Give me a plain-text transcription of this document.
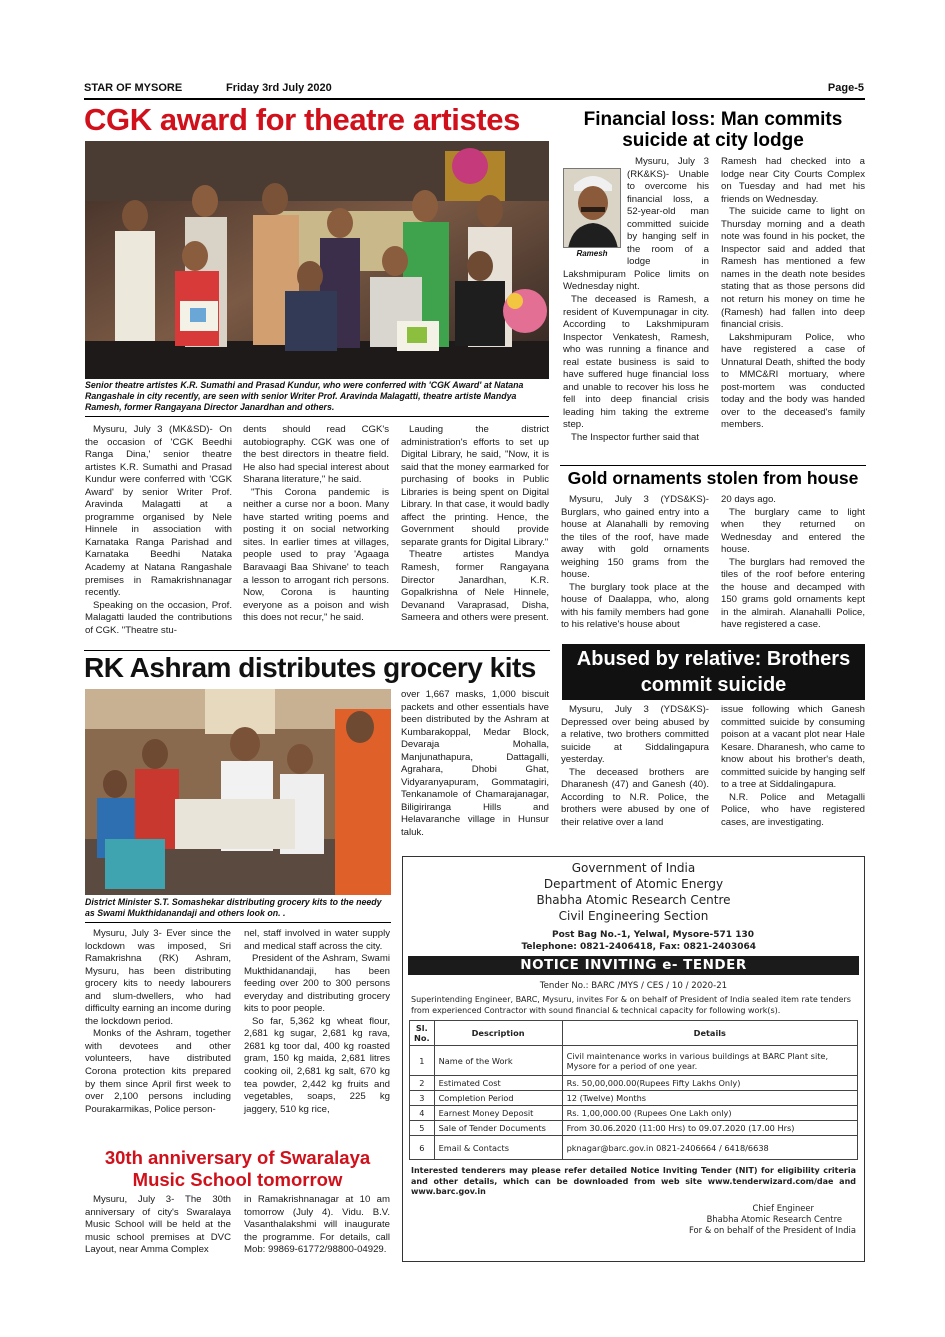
STAR OF MYSORE	Friday 3rd July 2020	Page-5
CGK award for theatre artistes
Senior theatre artistes K.R. Sumathi and Prasad Kundur, who were conferred with 'CGK Award' at Natana Rangashale in city recently, are seen with senior Writer Prof. Aravinda Malagatti, theatre artiste Mandya Ramesh, former Rangayana Director Janardhan and others.

Mysuru, July 3 (MK&SD)- On the occasion of 'CGK Beedhi Ranga Dina,' senior theatre artistes K.R. Sumathi and Prasad Kundur were conferred with 'CGK Award' by senior Writer Prof. Aravinda Malagatti at a programme organised by Nele Hinnele in association with Karnataka Ranga Parishad and Karnataka Beedhi Nataka Academy at Natana Rangashale premises in Ramakrishnanagar recently.

Speaking on the occasion, Prof. Malagatti lauded the contributions of CGK. "Theatre stu-

dents should read CGK's autobiography. CGK was one of the best directors in theatre field. He also had special interest about Sharana literature," he said.

"This Corona pandemic is neither a curse nor a boon. Many have started writing poems and posting it on social networking sites. In earlier times at villages, people used to pray 'Agaaga Baravaagi Baa Shivane' to teach a lesson to arrogant rich persons. Now, Corona is haunting everyone as a poison and wish this does not recur," he said.

Lauding the district administration's efforts to set up Digital Library, he said, "Now, it is said that the money earmarked for purchasing of books in Public Libraries is being spent on Digital Library. In that case, it would badly affect the printing. Hence, the Government should provide separate grants for Digital Library."

Theatre artistes Mandya Ramesh, former Rangayana Director Janardhan, K.R. Gopalkrishna of Nele Hinnele, Devanand Varaprasad, Disha, Sameera and others were present.

Financial loss: Man commits suicide at city lodge
Ramesh

Mysuru, July 3 (RK&KS)- Unable to overcome his financial loss, a 52-year-old man committed suicide by hanging self in the room of a lodge in Lakshmipuram Police limits on Wednesday night.

The deceased is Ramesh, a resident of Kuvempunagar in city. According to Lakshmipuram Inspector Venkatesh, Ramesh, who was running a finance and real estate business is said to have suffered huge financial loss and unable to recover his loss he fell into deep financial crisis leading him taking the extreme step.

The Inspector further said that

Ramesh had checked into a lodge near City Courts Complex on Tuesday and had met his friends on Wednesday.

The suicide came to light on Thursday morning and a death note was found in his pocket, the Inspector said and added that Ramesh has mentioned a few names in the death note besides stating that as those persons did not return his money on time he (Ramesh) had fallen into deep financial crisis.

Lakshmipuram Police, who have registered a case of Unnatural Death, shifted the body to MMC&RI mortuary, where post-mortem was conducted today and the body was handed over to the deceased's family members.

Gold ornaments stolen from house

Mysuru, July 3 (YDS&KS)- Burglars, who gained entry into a house at Alanahalli by removing the tiles of the roof, have made away with gold ornaments weighing 150 grams from the house.

The burglary took place at the house of Daalappa, who, along with his family members had gone to his relative's house about

20 days ago.

The burglary came to light when they returned on Wednesday and entered the house.

The burglars had removed the tiles of the roof before entering the house and decamped with 150 grams gold ornaments kept in the almirah. Alanahalli Police, have registered a case.

Abused by relative: Brothers commit suicide

Mysuru, July 3 (YDS&KS)- Depressed over being abused by a relative, two brothers committed suicide at Siddalingapura yesterday.

The deceased brothers are Dharanesh (47) and Ganesh (40). According to N.R. Police, the brothers were abused by one of their relative over a land

issue following which Ganesh committed suicide by consuming poison at a vacant plot near Hale Kesare. Dharanesh, who came to know about his brother's death, committed suicide by hanging self to a tree at Siddalingapura.

N.R. Police and Metagalli Police, who have registered cases, are investigating.

RK Ashram distributes grocery kits
District Minister S.T. Somashekar distributing grocery kits to the needy as Swami Mukthidanandaji and others look on. .

over 1,667 masks, 1,000 biscuit packets and other essentials have been distributed by the Ashram at Kumbarakoppal, Medar Block, Devaraja Mohalla, Manjunathapura, Dattagalli, Agrahara, Dhobi Ghat, Vidyaranyapuram, Gommatagiri, Tenkanamole of Chamarajanagar, Biligiriranga Hills and Helavaranche village in Hunsur taluk.

Mysuru, July 3- Ever since the lockdown was imposed, Sri Ramakrishna (RK) Ashram, Mysuru, has been distributing grocery kits to needy labourers and slum-dwellers, who had difficulty earning an income during the lockdown period.

Monks of the Ashram, together with devotees and other volunteers, have distributed Corona protection kits prepared by them since April first week to over 2,100 persons including Pourakarmikas, Police person-

nel, staff involved in water supply and medical staff across the city.

President of the Ashram, Swami Mukthidanandaji, has been feeding over 200 to 300 persons everyday and distributing grocery kits to poor people.

So far, 5,362 kg wheat flour, 2,681 kg sugar, 2,681 kg rava, 2681 kg toor dal, 400 kg roasted gram, 150 kg maida, 2,681 litres cooking oil, 2,681 kg salt, 670 kg tea powder, 2,442 kg fruits and vegetables, soaps, 225 kg jaggery, 510 kg rice,

30th anniversary of Swaralaya Music School tomorrow

Mysuru, July 3- The 30th anniversary of city's Swaralaya Music School will be held at the music school premises at DVC Layout, near Amma Complex

in Ramakrishnanagar at 10 am tomorrow (July 4). Vidu. B.V. Vasanthalakshmi will inaugurate the programme. For details, call Mob: 99869-61772/98800-04929.

Government of India
Department of Atomic Energy
Bhabha Atomic Research Centre
Civil Engineering Section
Post Bag No.-1, Yelwal, Mysore-571 130
Telephone: 0821-2406418, Fax: 0821-2403064
NOTICE INVITING e- TENDER
Tender No.: BARC /MYS / CES / 10 / 2020-21
Superintending Engineer, BARC, Mysuru, invites For & on behalf of President of India sealed item rate tenders from experienced Contractor with sound financial & technical capacity for following work(s).
Sl. No.	Description	Details
1	Name of the Work	Civil maintenance works in various buildings at BARC Plant site, Mysore for a period of one year.
2	Estimated Cost	Rs. 50,00,000.00(Rupees Fifty Lakhs Only)
3	Completion Period	12 (Twelve) Months
4	Earnest Money Deposit	Rs. 1,00,000.00 (Rupees One Lakh only)
5	Sale of Tender Documents	From 30.06.2020 (11:00 Hrs) to 09.07.2020 (17.00 Hrs)
6	Email & Contacts	pknagar@barc.gov.in 0821-2406664 / 6418/6638
Interested tenderers may please refer detailed Notice Inviting Tender (NIT) for eligibility criteria and other details, which can be downloaded from web site www.tenderwizard.com/dae and www.barc.gov.in
Chief Engineer
Bhabha Atomic Research Centre
For & on behalf of the President of India
